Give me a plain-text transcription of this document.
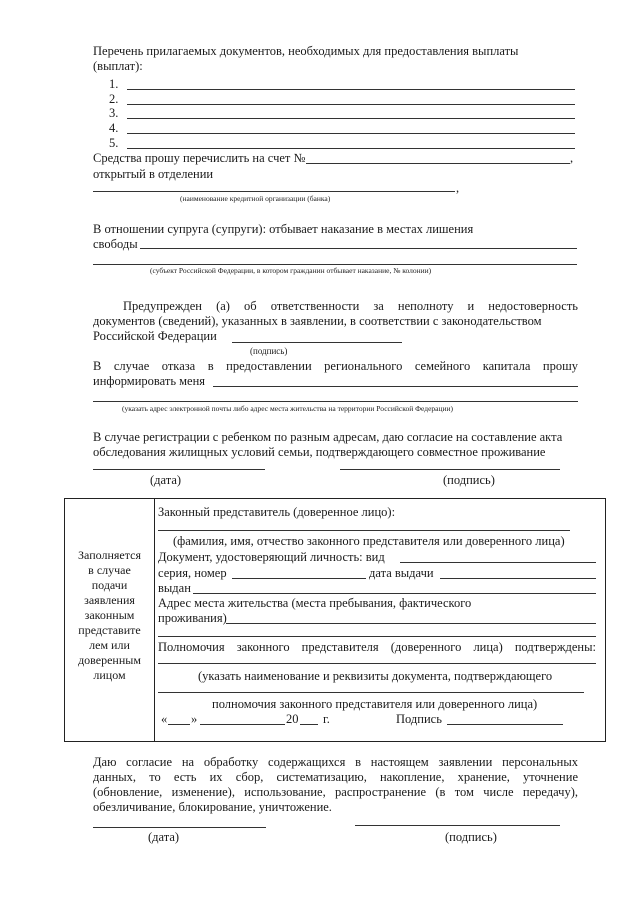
Перечень прилагаемых документов, необходимых для предоставления выплаты
(выплат):
1.
2.
3.
4.
5.
Средства прошу перечислить на счет №	,
открытый в отделении
,
(наименование кредитной организации (банка)
В отношении супруга (супруги): отбывает наказание в местах лишения
свободы
(субъект Российской Федерации, в котором гражданин отбывает наказание, № колонии)
Предупрежден (а) об ответственности за неполноту и недостоверность
документов (сведений), указанных в заявлении, в соответствии с законодательством
Российской Федерации
(подпись)
В случае отказа в предоставлении регионального семейного капитала прошу
информировать меня
(указать адрес электронной почты либо адрес места жительства на территории Российской Федерации)
В случае регистрации с ребенком по разным адресам, даю согласие на составление акта
обследования жилищных условий семьи, подтверждающего совместное проживание
(дата)	(подпись)
Заполняется
в случае
подачи
заявления
законным
представите
лем или
доверенным
лицом
Законный представитель (доверенное лицо):
(фамилия, имя, отчество законного представителя или доверенного лица)
Документ, удостоверяющий личность: вид
серия, номер	дата выдачи
выдан
Адрес места жительства (места пребывания, фактического
проживания)
Полномочия законного представителя (доверенного лица) подтверждены:
(указать наименование и реквизиты документа, подтверждающего
полномочия законного представителя или доверенного лица)
« »	20 г.	Подпись
Даю согласие на обработку содержащихся в настоящем заявлении персональных
данных, то есть их сбор, систематизацию, накопление, хранение, уточнение
(обновление, изменение), использование, распространение (в том числе передачу),
обезличивание, блокирование, уничтожение.
(дата)	(подпись)
